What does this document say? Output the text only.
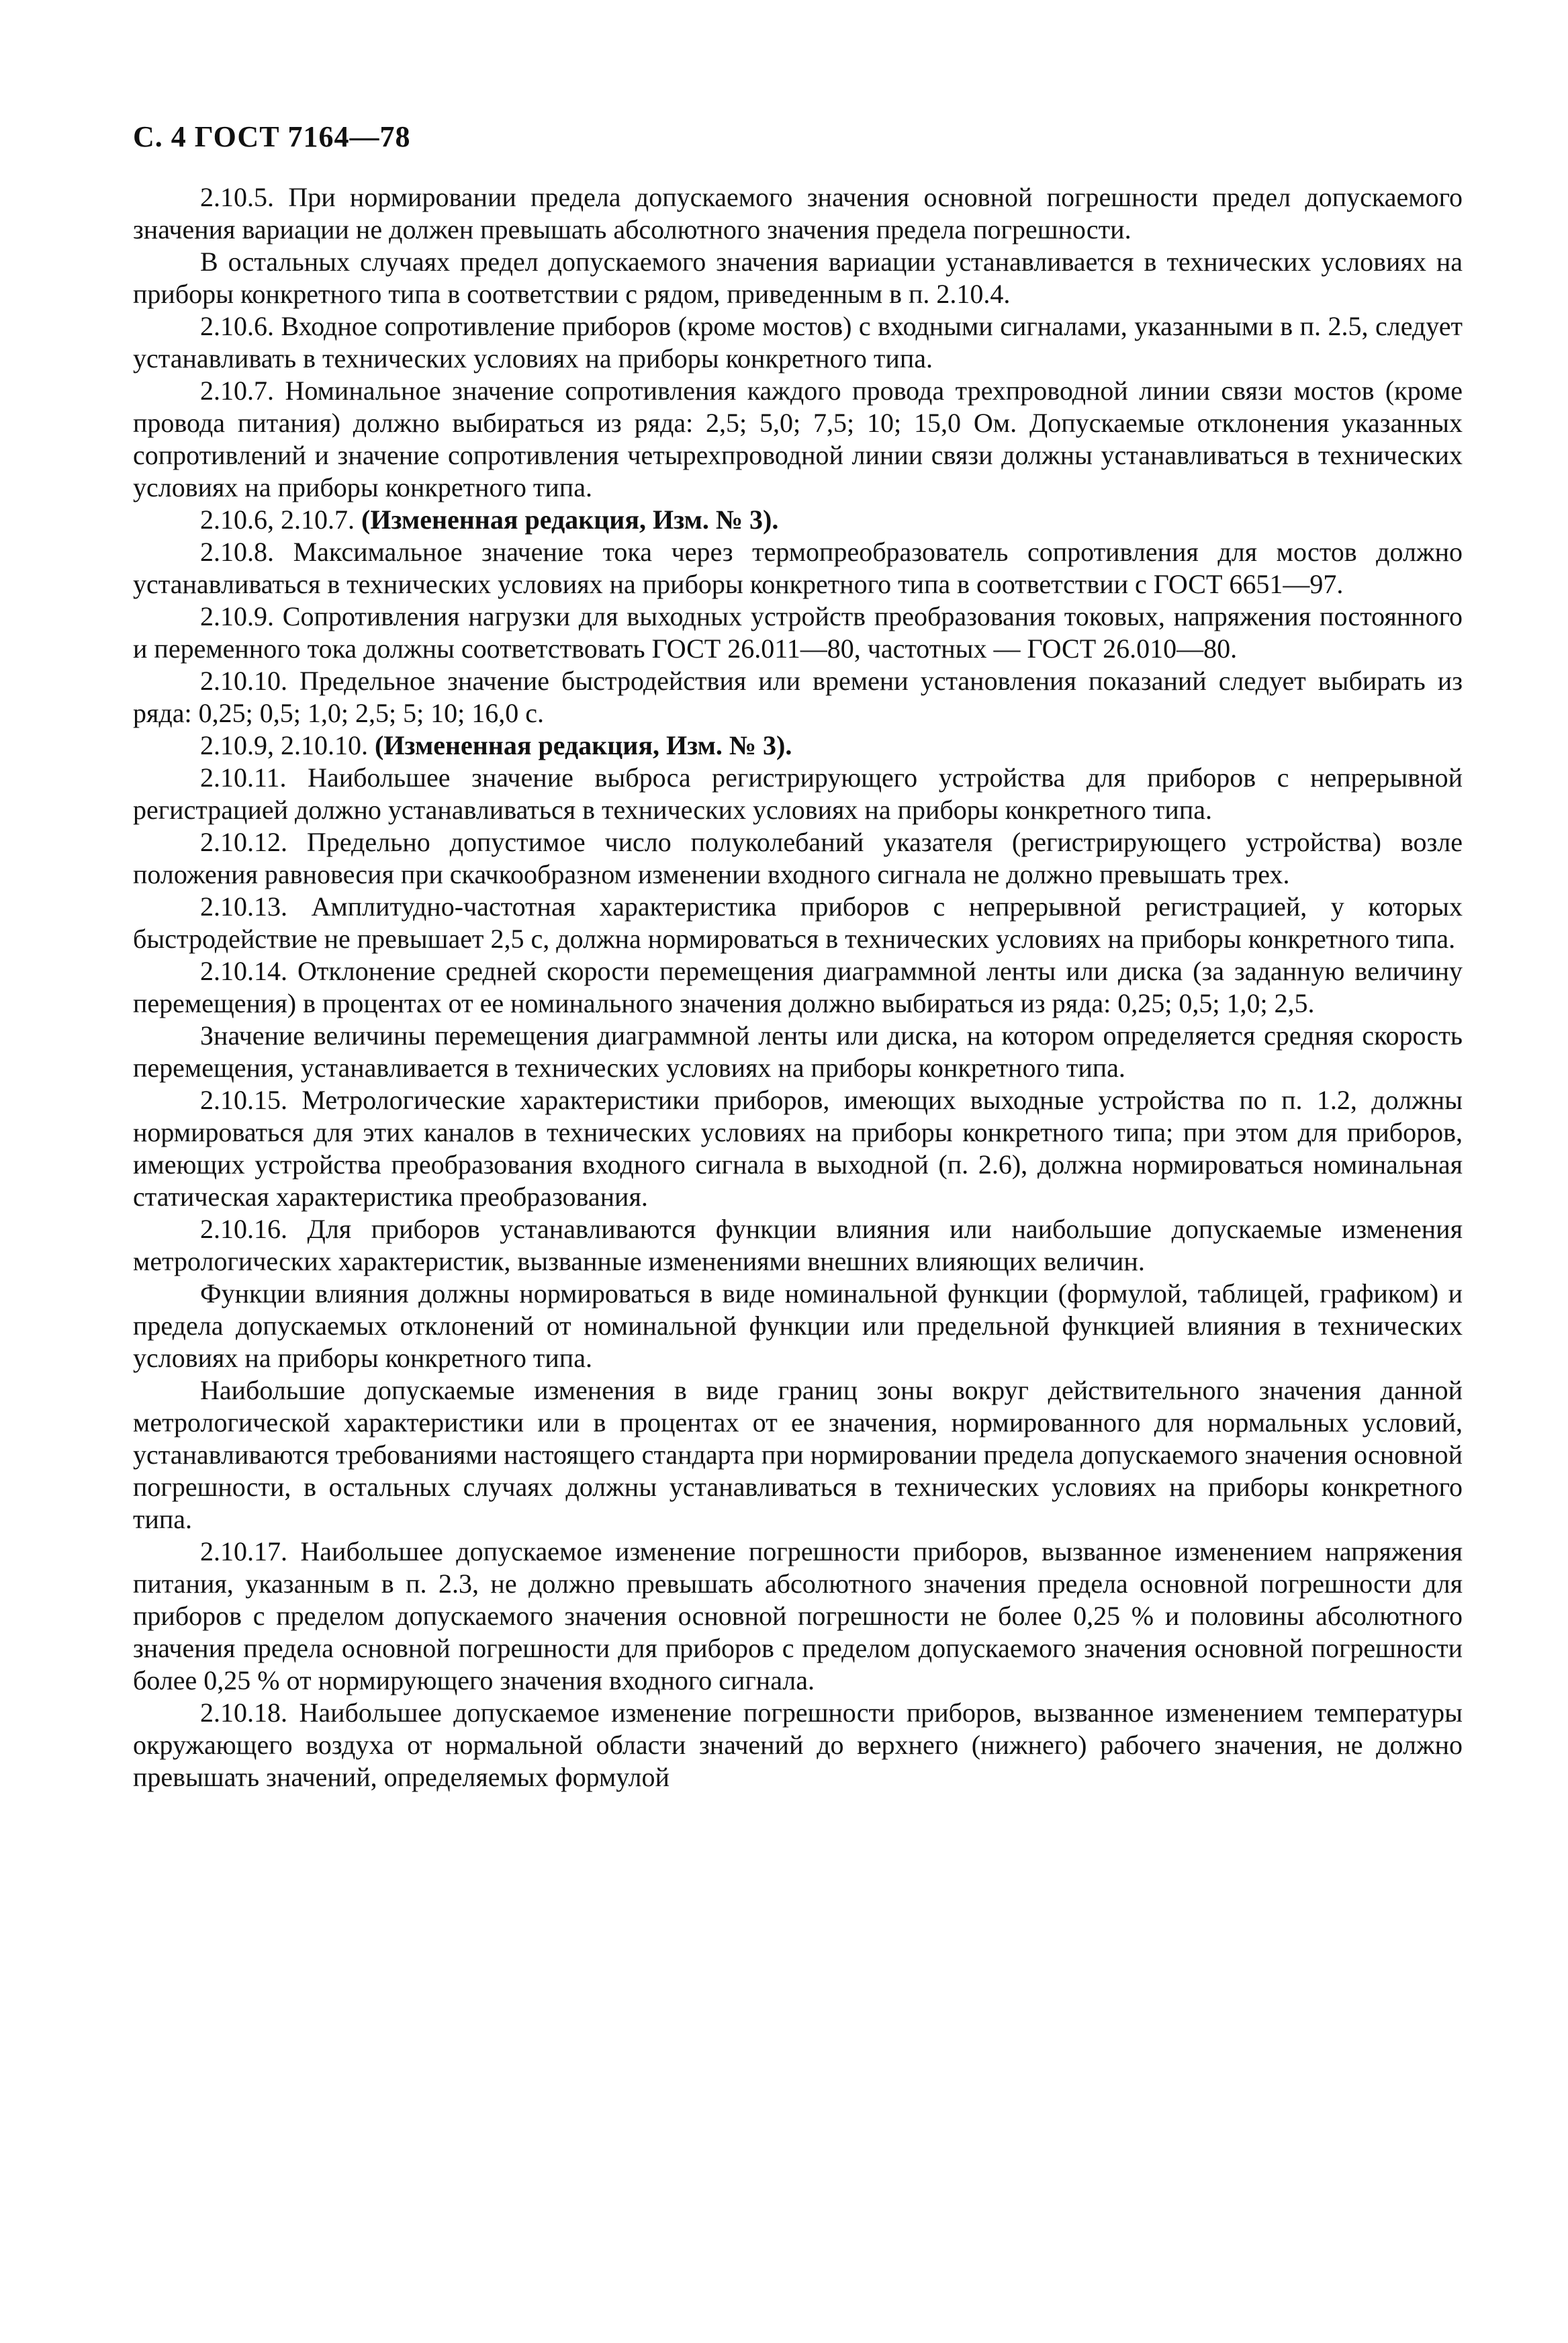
С. 4 ГОСТ 7164—78

2.10.5. При нормировании предела допускаемого значения основной погрешности предел допускаемого значения вариации не должен превышать абсолютного значения предела погрешности.

В остальных случаях предел допускаемого значения вариации устанавливается в технических условиях на приборы конкретного типа в соответствии с рядом, приведенным в п. 2.10.4.

2.10.6. Входное сопротивление приборов (кроме мостов) с входными сигналами, указанными в п. 2.5, следует устанавливать в технических условиях на приборы конкретного типа.

2.10.7. Номинальное значение сопротивления каждого провода трехпроводной линии связи мостов (кроме провода питания) должно выбираться из ряда: 2,5; 5,0; 7,5; 10; 15,0 Ом. Допускаемые отклонения указанных сопротивлений и значение сопротивления четырехпроводной линии связи должны устанавливаться в технических условиях на приборы конкретного типа.

2.10.6, 2.10.7. (Измененная редакция, Изм. № 3).

2.10.8. Максимальное значение тока через термопреобразователь сопротивления для мостов должно устанавливаться в технических условиях на приборы конкретного типа в соответствии с ГОСТ 6651—97.

2.10.9. Сопротивления нагрузки для выходных устройств преобразования токовых, напряжения постоянного и переменного тока должны соответствовать ГОСТ 26.011—80, частотных — ГОСТ 26.010—80.

2.10.10. Предельное значение быстродействия или времени установления показаний следует выбирать из ряда: 0,25; 0,5; 1,0; 2,5; 5; 10; 16,0 с.

2.10.9, 2.10.10. (Измененная редакция, Изм. № 3).

2.10.11. Наибольшее значение выброса регистрирующего устройства для приборов с непрерывной регистрацией должно устанавливаться в технических условиях на приборы конкретного типа.

2.10.12. Предельно допустимое число полуколебаний указателя (регистрирующего устройства) возле положения равновесия при скачкообразном изменении входного сигнала не должно превышать трех.

2.10.13. Амплитудно-частотная характеристика приборов с непрерывной регистрацией, у которых быстродействие не превышает 2,5 с, должна нормироваться в технических условиях на приборы конкретного типа.

2.10.14. Отклонение средней скорости перемещения диаграммной ленты или диска (за заданную величину перемещения) в процентах от ее номинального значения должно выбираться из ряда: 0,25; 0,5; 1,0; 2,5.

Значение величины перемещения диаграммной ленты или диска, на котором определяется средняя скорость перемещения, устанавливается в технических условиях на приборы конкретного типа.

2.10.15. Метрологические характеристики приборов, имеющих выходные устройства по п. 1.2, должны нормироваться для этих каналов в технических условиях на приборы конкретного типа; при этом для приборов, имеющих устройства преобразования входного сигнала в выходной (п. 2.6), должна нормироваться номинальная статическая характеристика преобразования.

2.10.16. Для приборов устанавливаются функции влияния или наибольшие допускаемые изменения метрологических характеристик, вызванные изменениями внешних влияющих величин.

Функции влияния должны нормироваться в виде номинальной функции (формулой, таблицей, графиком) и предела допускаемых отклонений от номинальной функции или предельной функцией влияния в технических условиях на приборы конкретного типа.

Наибольшие допускаемые изменения в виде границ зоны вокруг действительного значения данной метрологической характеристики или в процентах от ее значения, нормированного для нормальных условий, устанавливаются требованиями настоящего стандарта при нормировании предела допускаемого значения основной погрешности, в остальных случаях должны устанавливаться в технических условиях на приборы конкретного типа.

2.10.17. Наибольшее допускаемое изменение погрешности приборов, вызванное изменением напряжения питания, указанным в п. 2.3, не должно превышать абсолютного значения предела основной погрешности для приборов с пределом допускаемого значения основной погрешности не более 0,25 % и половины абсолютного значения предела основной погрешности для приборов с пределом допускаемого значения основной погрешности более 0,25 % от нормирующего значения входного сигнала.

2.10.18. Наибольшее допускаемое изменение погрешности приборов, вызванное изменением температуры окружающего воздуха от нормальной области значений до верхнего (нижнего) рабочего значения, не должно превышать значений, определяемых формулой
